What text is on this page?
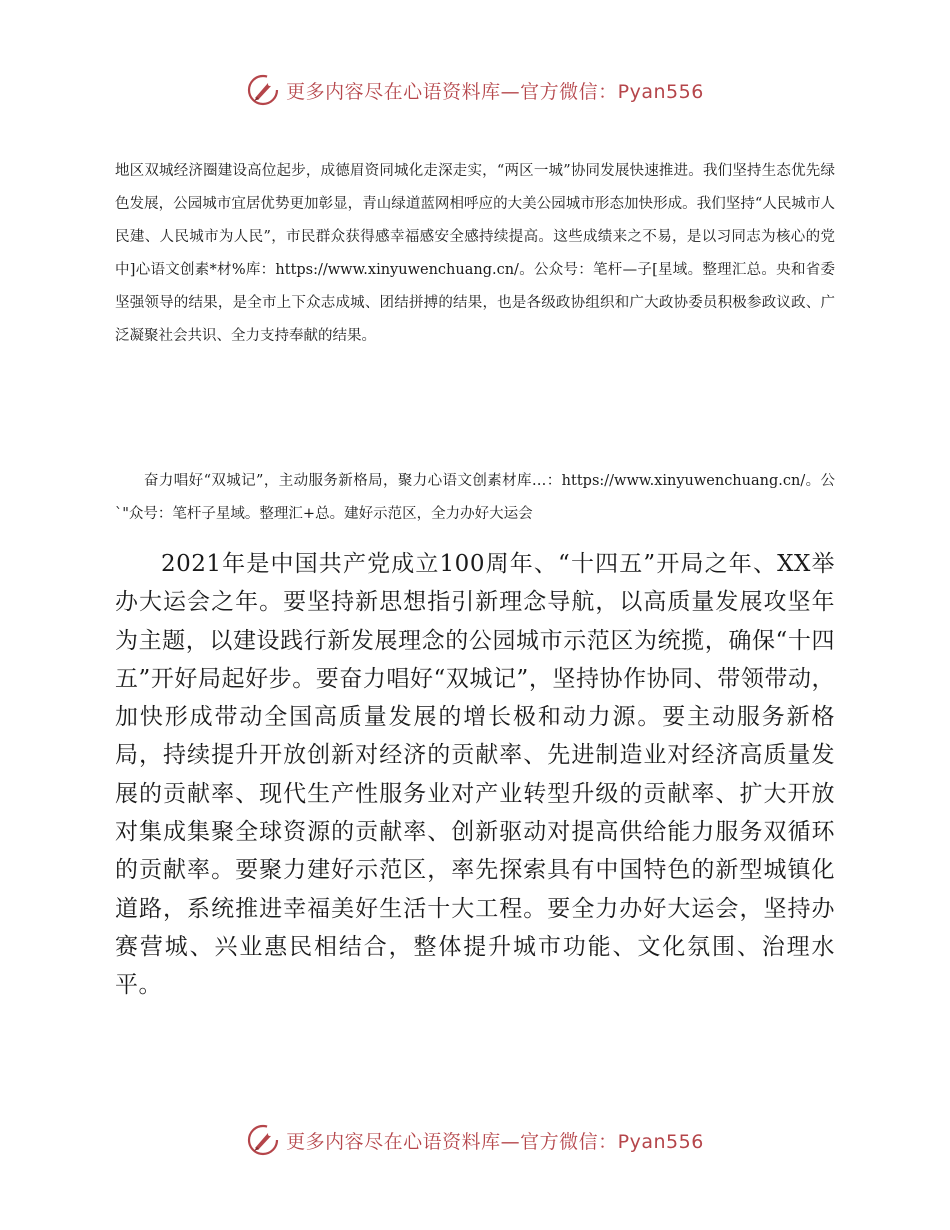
更多内容尽在心语资料库—官方微信：Pyan556

地区双城经济圈建设高位起步，成德眉资同城化走深走实，“两区一城”协同发展快速推进。我们坚持生态优先绿色发展，公园城市宜居优势更加彰显，青山绿道蓝网相呼应的大美公园城市形态加快形成。我们坚持“人民城市人民建、人民城市为人民”，市民群众获得感幸福感安全感持续提高。这些成绩来之不易，是以习同志为核心的党中]心语文创素*材%库：https://www.xinyuwenchuang.cn/。公众号：笔杆—子[星域。整理汇总。央和省委坚强领导的结果，是全市上下众志成城、团结拼搏的结果，也是各级政协组织和广大政协委员积极参政议政、广泛凝聚社会共识、全力支持奉献的结果。

奋力唱好“双城记”，主动服务新格局，聚力心语文创素材库…：https://www.xinyuwenchuang.cn/。公`"众号：笔杆子星域。整理汇+总。建好示范区，全力办好大运会

2021年是中国共产党成立100周年、“十四五”开局之年、XX举办大运会之年。要坚持新思想指引新理念导航，以高质量发展攻坚年为主题，以建设践行新发展理念的公园城市示范区为统揽，确保“十四五”开好局起好步。要奋力唱好“双城记”，坚持协作协同、带领带动，加快形成带动全国高质量发展的增长极和动力源。要主动服务新格局，持续提升开放创新对经济的贡献率、先进制造业对经济高质量发展的贡献率、现代生产性服务业对产业转型升级的贡献率、扩大开放对集成集聚全球资源的贡献率、创新驱动对提高供给能力服务双循环的贡献率。要聚力建好示范区，率先探索具有中国特色的新型城镇化道路，系统推进幸福美好生活十大工程。要全力办好大运会，坚持办赛营城、兴业惠民相结合，整体提升城市功能、文化氛围、治理水平。

更多内容尽在心语资料库—官方微信：Pyan556
